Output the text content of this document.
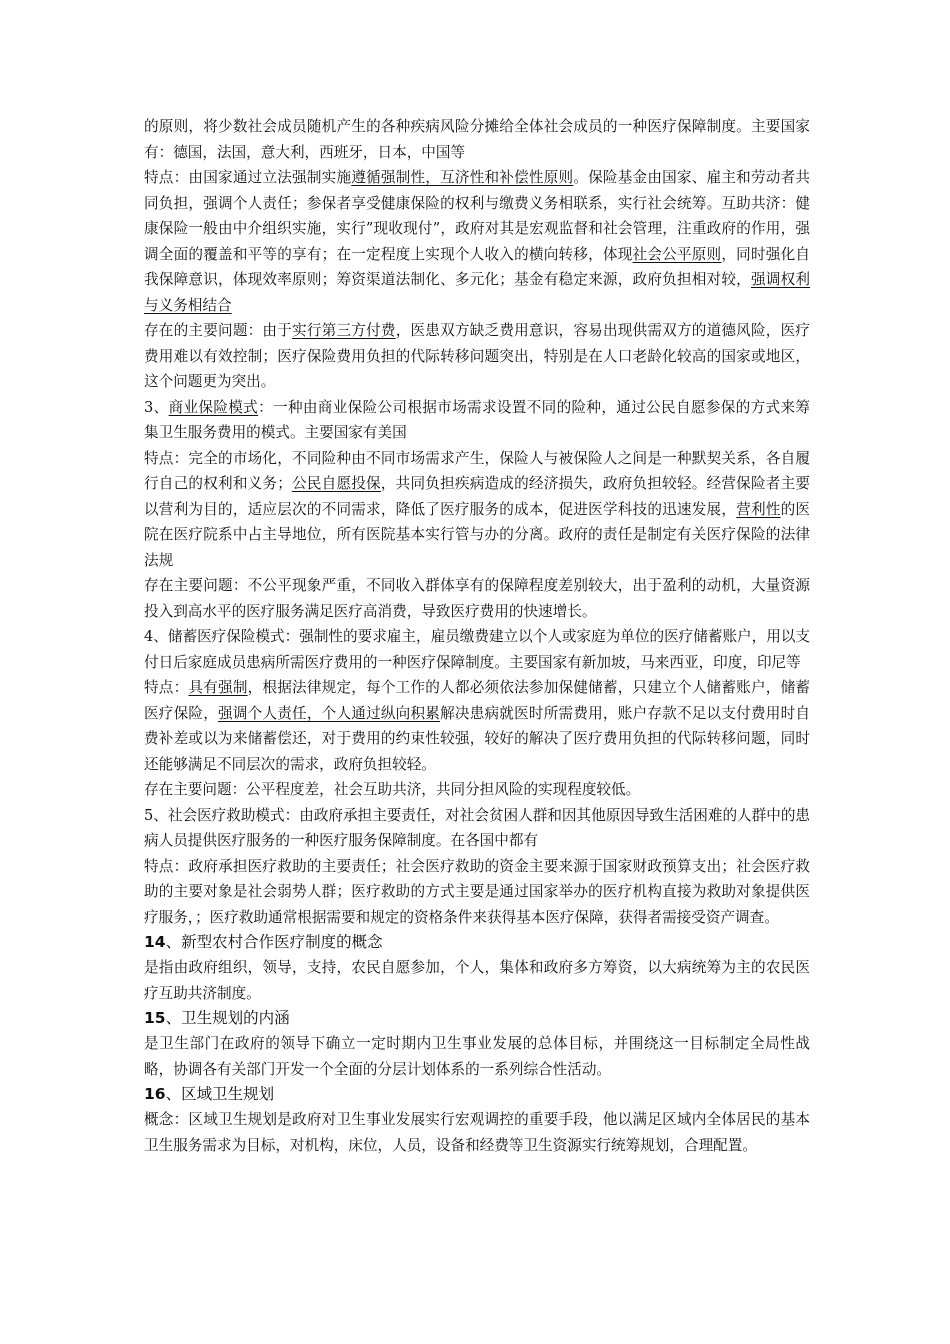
的原则，将少数社会成员随机产生的各种疾病风险分摊给全体社会成员的一种医疗保障制度。主要国家有：德国，法国，意大利，西班牙，日本，中国等

特点：由国家通过立法强制实施遵循强制性，互济性和补偿性原则。保险基金由国家、雇主和劳动者共同负担，强调个人责任；参保者享受健康保险的权利与缴费义务相联系，实行社会统筹。互助共济：健康保险一般由中介组织实施，实行”现收现付”，政府对其是宏观监督和社会管理，注重政府的作用，强调全面的覆盖和平等的享有；在一定程度上实现个人收入的横向转移，体现社会公平原则，同时强化自我保障意识，体现效率原则；筹资渠道法制化、多元化；基金有稳定来源，政府负担相对较，强调权利与义务相结合

存在的主要问题：由于实行第三方付费，医患双方缺乏费用意识，容易出现供需双方的道德风险，医疗费用难以有效控制；医疗保险费用负担的代际转移问题突出，特别是在人口老龄化较高的国家或地区，这个问题更为突出。

3、商业保险模式：一种由商业保险公司根据市场需求设置不同的险种，通过公民自愿参保的方式来筹集卫生服务费用的模式。主要国家有美国

特点：完全的市场化，不同险种由不同市场需求产生，保险人与被保险人之间是一种默契关系，各自履行自己的权利和义务；公民自愿投保，共同负担疾病造成的经济损失，政府负担较轻。经营保险者主要以营利为目的，适应层次的不同需求，降低了医疗服务的成本，促进医学科技的迅速发展，营利性的医院在医疗院系中占主导地位，所有医院基本实行管与办的分离。政府的责任是制定有关医疗保险的法律法规

存在主要问题：不公平现象严重，不同收入群体享有的保障程度差别较大，出于盈利的动机，大量资源投入到高水平的医疗服务满足医疗高消费，导致医疗费用的快速增长。

4、储蓄医疗保险模式：强制性的要求雇主，雇员缴费建立以个人或家庭为单位的医疗储蓄账户，用以支付日后家庭成员患病所需医疗费用的一种医疗保障制度。主要国家有新加坡，马来西亚，印度，印尼等

特点：具有强制，根据法律规定，每个工作的人都必须依法参加保健储蓄，只建立个人储蓄账户，储蓄医疗保险，强调个人责任，个人通过纵向积累解决患病就医时所需费用，账户存款不足以支付费用时自费补差或以为来储蓄偿还，对于费用的约束性较强，较好的解决了医疗费用负担的代际转移问题，同时还能够满足不同层次的需求，政府负担较轻。

存在主要问题：公平程度差，社会互助共济，共同分担风险的实现程度较低。

5、社会医疗救助模式：由政府承担主要责任，对社会贫困人群和因其他原因导致生活困难的人群中的患病人员提供医疗服务的一种医疗服务保障制度。在各国中都有

特点：政府承担医疗救助的主要责任；社会医疗救助的资金主要来源于国家财政预算支出；社会医疗救助的主要对象是社会弱势人群；医疗救助的方式主要是通过国家举办的医疗机构直接为救助对象提供医疗服务，；医疗救助通常根据需要和规定的资格条件来获得基本医疗保障，获得者需接受资产调查。

14、新型农村合作医疗制度的概念

是指由政府组织，领导，支持，农民自愿参加，个人，集体和政府多方筹资，以大病统筹为主的农民医疗互助共济制度。

15、卫生规划的内涵

是卫生部门在政府的领导下确立一定时期内卫生事业发展的总体目标，并围绕这一目标制定全局性战略，协调各有关部门开发一个全面的分层计划体系的一系列综合性活动。

16、区域卫生规划

概念：区域卫生规划是政府对卫生事业发展实行宏观调控的重要手段，他以满足区域内全体居民的基本卫生服务需求为目标，对机构，床位，人员，设备和经费等卫生资源实行统筹规划，合理配置。
